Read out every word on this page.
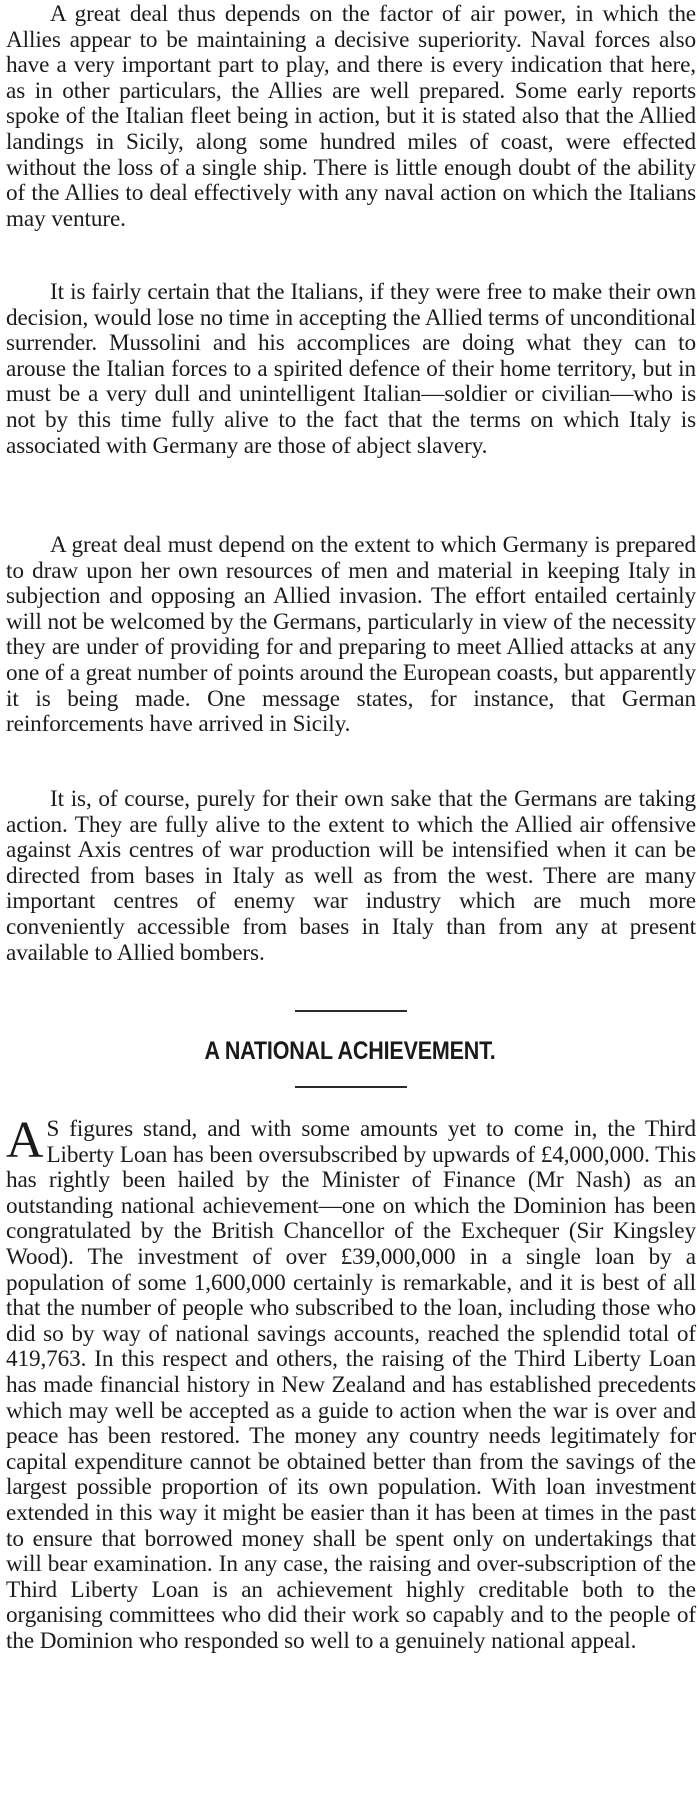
A great deal thus depends on the factor of air power, in which the Allies appear to be maintaining a decisive superiority. Naval forces also have a very important part to play, and there is every indication that here, as in other particulars, the Allies are well prepared. Some early reports spoke of the Italian fleet being in action, but it is stated also that the Allied landings in Sicily, along some hundred miles of coast, were effected without the loss of a single ship. There is little enough doubt of the ability of the Allies to deal effectively with any naval action on which the Italians may venture.

It is fairly certain that the Italians, if they were free to make their own decision, would lose no time in accepting the Allied terms of unconditional surrender. Mussolini and his accomplices are doing what they can to arouse the Italian forces to a spirited defence of their home territory, but in must be a very dull and unintelligent Italian—soldier or civilian—who is not by this time fully alive to the fact that the terms on which Italy is associated with Germany are those of abject slavery.

A great deal must depend on the extent to which Germany is prepared to draw upon her own resources of men and material in keeping Italy in subjection and opposing an Allied invasion. The effort entailed certainly will not be welcomed by the Germans, particularly in view of the necessity they are under of providing for and preparing to meet Allied attacks at any one of a great number of points around the European coasts, but apparently it is being made. One message states, for instance, that German reinforcements have arrived in Sicily.

It is, of course, purely for their own sake that the Germans are taking action. They are fully alive to the extent to which the Allied air offensive against Axis centres of war production will be intensified when it can be directed from bases in Italy as well as from the west. There are many important centres of enemy war industry which are much more conveniently accessible from bases in Italy than from any at present available to Allied bombers.

A NATIONAL ACHIEVEMENT.

A S figures stand, and with some amounts yet to come in, the Third Liberty Loan has been oversubscribed by upwards of £4,000,000. This has rightly been hailed by the Minister of Finance (Mr Nash) as an outstanding national achievement—one on which the Dominion has been congratulated by the British Chancellor of the Exchequer (Sir Kingsley Wood). The investment of over £39,000,000 in a single loan by a population of some 1,600,000 certainly is remarkable, and it is best of all that the number of people who subscribed to the loan, including those who did so by way of national savings accounts, reached the splendid total of 419,763. In this respect and others, the raising of the Third Liberty Loan has made financial history in New Zealand and has established precedents which may well be accepted as a guide to action when the war is over and peace has been restored. The money any country needs legitimately for capital expenditure cannot be obtained better than from the savings of the largest possible proportion of its own population. With loan investment extended in this way it might be easier than it has been at times in the past to ensure that borrowed money shall be spent only on undertakings that will bear examination. In any case, the raising and over-subscription of the Third Liberty Loan is an achievement highly creditable both to the organising committees who did their work so capably and to the people of the Dominion who responded so well to a genuinely national appeal.
